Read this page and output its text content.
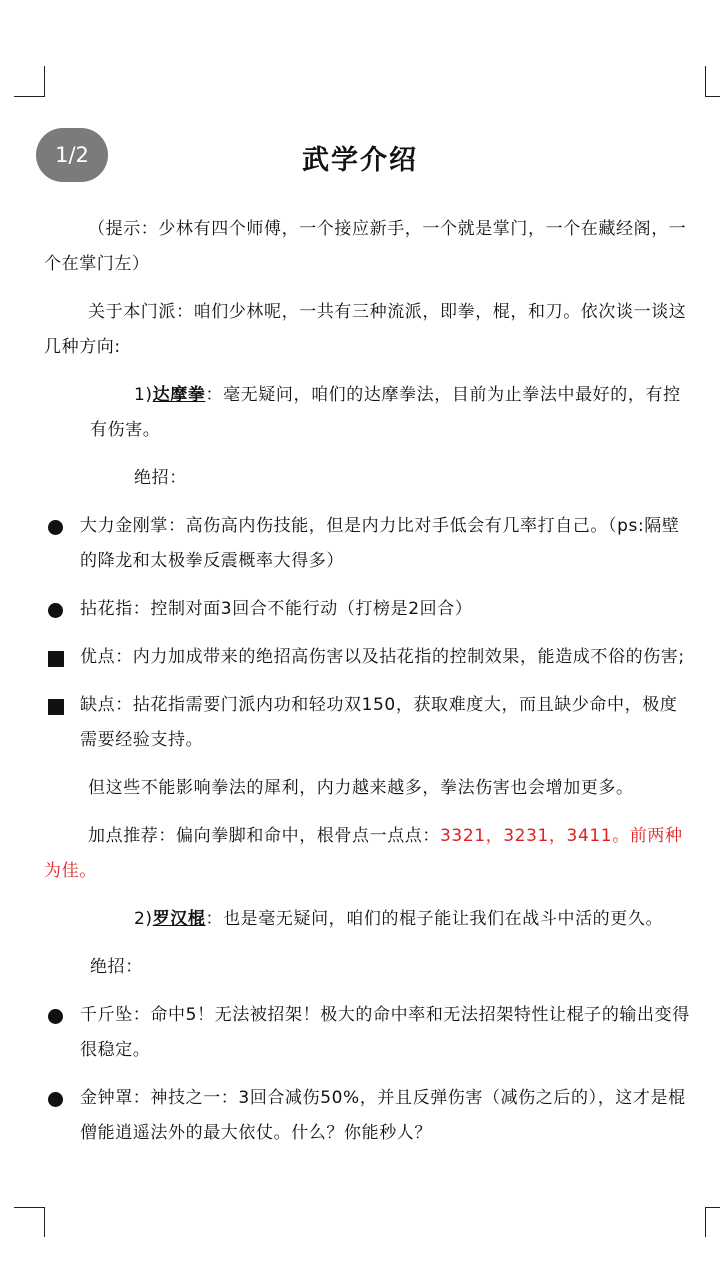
1/2	武学介绍

（提示：少林有四个师傅，一个接应新手，一个就是掌门，一个在藏经阁，一个在掌门左）

关于本门派：咱们少林呢，一共有三种流派，即拳，棍，和刀。依次谈一谈这几种方向:

1)达摩拳：毫无疑问，咱们的达摩拳法，目前为止拳法中最好的，有控有伤害。

绝招：

大力金刚掌：高伤高内伤技能，但是内力比对手低会有几率打自己。（ps:隔壁的降龙和太极拳反震概率大得多）

拈花指：控制对面3回合不能行动（打榜是2回合）

优点：内力加成带来的绝招高伤害以及拈花指的控制效果，能造成不俗的伤害;

缺点：拈花指需要门派内功和轻功双150，获取难度大，而且缺少命中，极度需要经验支持。

但这些不能影响拳法的犀利，内力越来越多，拳法伤害也会增加更多。

加点推荐：偏向拳脚和命中，根骨点一点点：3321，3231，3411。前两种为佳。

2)罗汉棍：也是毫无疑问，咱们的棍子能让我们在战斗中活的更久。

绝招：

千斤坠：命中5！无法被招架！极大的命中率和无法招架特性让棍子的输出变得很稳定。

金钟罩：神技之一：3回合减伤50%，并且反弹伤害（减伤之后的），这才是棍僧能逍遥法外的最大依仗。什么？你能秒人？
